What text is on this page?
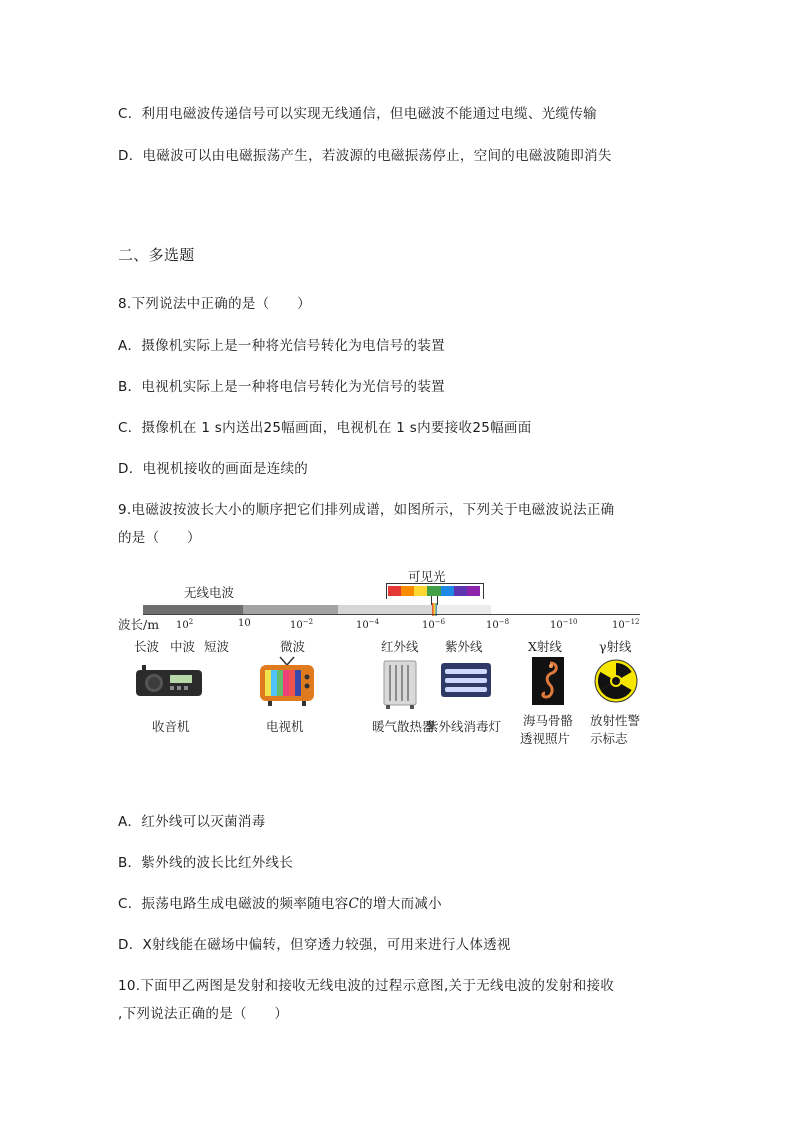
C．利用电磁波传递信号可以实现无线通信，但电磁波不能通过电缆、光缆传输
D．电磁波可以由电磁振荡产生，若波源的电磁振荡停止，空间的电磁波随即消失
二、多选题
8.下列说法中正确的是（　　）
A．摄像机实际上是一种将光信号转化为电信号的装置
B．电视机实际上是一种将电信号转化为光信号的装置
C．摄像机在 1 s内送出25幅画面，电视机在 1 s内要接收25幅画面
D．电视机接收的画面是连续的
9.电磁波按波长大小的顺序把它们排列成谱，如图所示，下列关于电磁波说法正确
的是（　　）
无线电波
可见光
波长/m $10^2$	10	$10^{-2}$	$10^{-4}$	$10^{-6}$	$10^{-8}$	$10^{-10}$	$10^{-12}$
长波 中波 短波	微波	红外线 紫外线	X射线	γ射线
收音机	电视机	暖气散热器
紫外线消毒灯 海马骨骼
透视照片
放射性警
示标志
A．红外线可以灭菌消毒
B．紫外线的波长比红外线长
C．振荡电路生成电磁波的频率随电容C的增大而减小
D．X射线能在磁场中偏转，但穿透力较强，可用来进行人体透视
10.下面甲乙两图是发射和接收无线电波的过程示意图,关于无线电波的发射和接收
,下列说法正确的是（　　）
